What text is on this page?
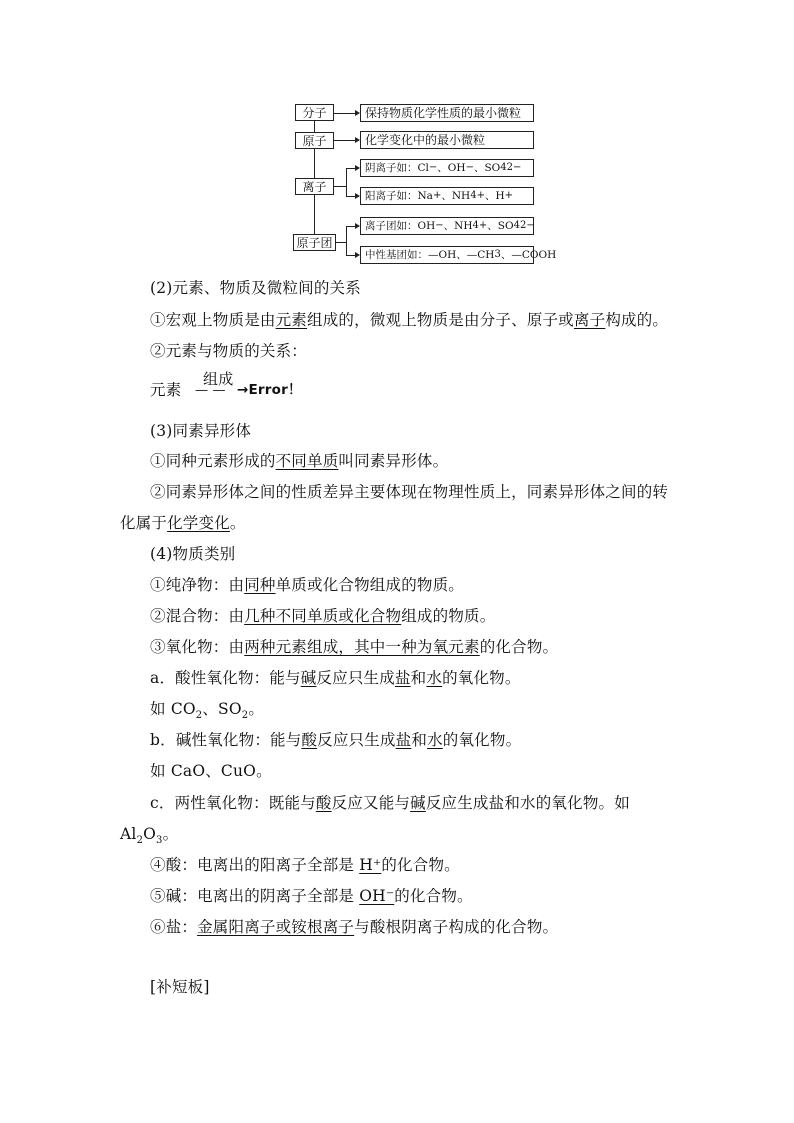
分子
原子
离子
原子团
保持物质化学性质的最小微粒
化学变化中的最小微粒
阴离子如：Cl − 、OH − 、SO 4 2−
阳离子如：Na + 、NH 4 + 、H +
离子团如：OH − 、NH 4 + 、SO 4 2−
中性基团如：—OH、—CH 3 、—COOH
(2)元素、物质及微粒间的关系
①宏观上物质是由元素组成的，微观上物质是由分子、原子或离子构成的。
②元素与物质的关系：
元素
组成
— — →Error！
(3)同素异形体
①同种元素形成的不同单质叫同素异形体。
②同素异形体之间的性质差异主要体现在物理性质上，同素异形体之间的转
化属于化学变化。
(4)物质类别
①纯净物：由同种单质或化合物组成的物质。
②混合物：由几种不同单质或化合物组成的物质。
③氧化物：由两种元素组成，其中一种为氧元素的化合物。
a．酸性氧化物：能与碱反应只生成盐和水的氧化物。
如 $CO_2$、$SO_2$。
b．碱性氧化物：能与酸反应只生成盐和水的氧化物。
如 CaO、CuO。
c．两性氧化物：既能与酸反应又能与碱反应生成盐和水的氧化物。如
$Al_2O_3$。
④酸：电离出的阳离子全部是 H⁺的化合物。
⑤碱：电离出的阴离子全部是 OH⁻的化合物。
⑥盐：金属阳离子或铵根离子与酸根阴离子构成的化合物。
[补短板]
